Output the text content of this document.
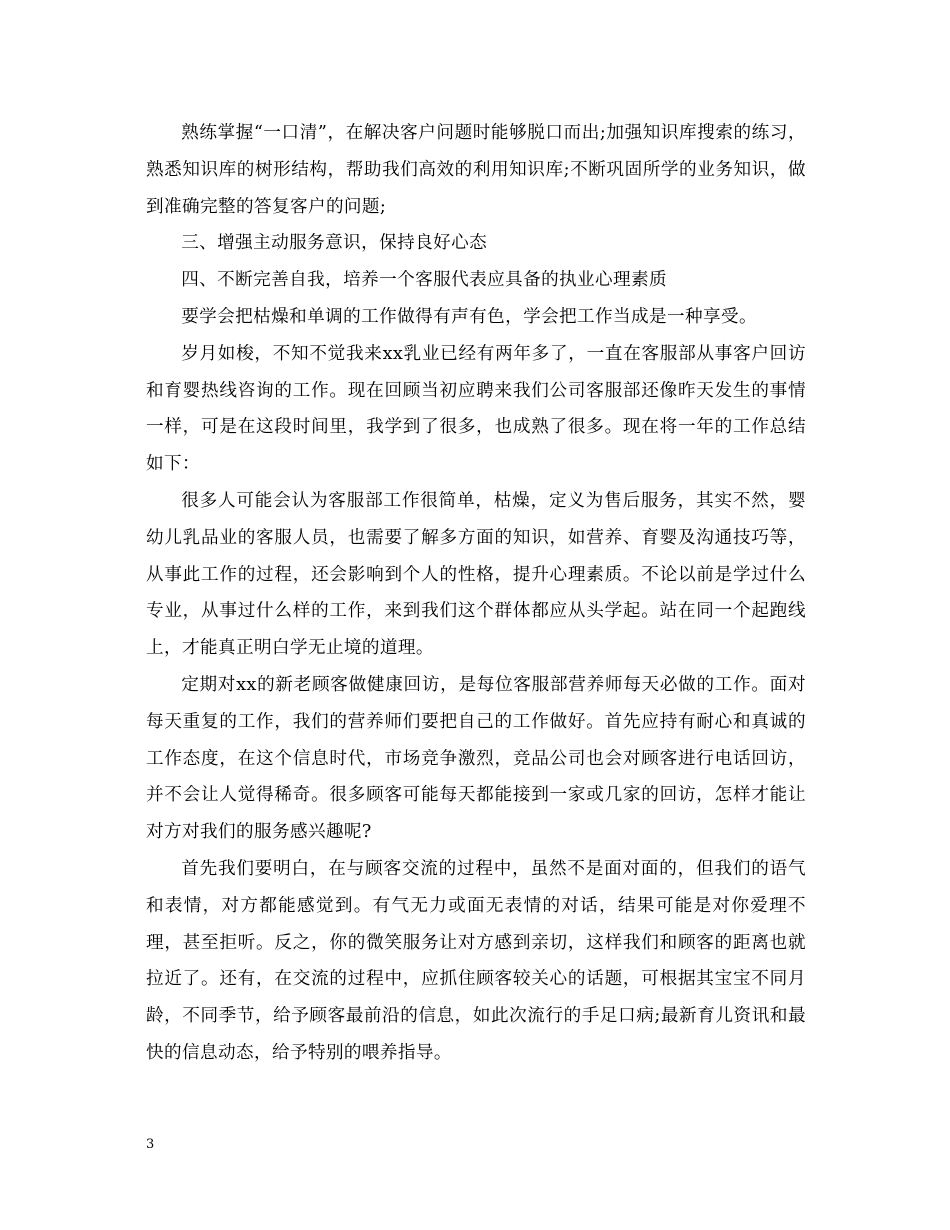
熟练掌握“一口清”，在解决客户问题时能够脱口而出;加强知识库搜索的练习，熟悉知识库的树形结构，帮助我们高效的利用知识库;不断巩固所学的业务知识，做到准确完整的答复客户的问题;

三、增强主动服务意识，保持良好心态

四、不断完善自我，培养一个客服代表应具备的执业心理素质

要学会把枯燥和单调的工作做得有声有色，学会把工作当成是一种享受。

岁月如梭，不知不觉我来xx乳业已经有两年多了，一直在客服部从事客户回访和育婴热线咨询的工作。现在回顾当初应聘来我们公司客服部还像昨天发生的事情一样，可是在这段时间里，我学到了很多，也成熟了很多。现在将一年的工作总结如下：

很多人可能会认为客服部工作很简单，枯燥，定义为售后服务，其实不然，婴幼儿乳品业的客服人员，也需要了解多方面的知识，如营养、育婴及沟通技巧等，从事此工作的过程，还会影响到个人的性格，提升心理素质。不论以前是学过什么专业，从事过什么样的工作，来到我们这个群体都应从头学起。站在同一个起跑线上，才能真正明白学无止境的道理。

定期对xx的新老顾客做健康回访，是每位客服部营养师每天必做的工作。面对每天重复的工作，我们的营养师们要把自己的工作做好。首先应持有耐心和真诚的工作态度，在这个信息时代，市场竞争激烈，竞品公司也会对顾客进行电话回访，并不会让人觉得稀奇。很多顾客可能每天都能接到一家或几家的回访，怎样才能让对方对我们的服务感兴趣呢?

首先我们要明白，在与顾客交流的过程中，虽然不是面对面的，但我们的语气和表情，对方都能感觉到。有气无力或面无表情的对话，结果可能是对你爱理不理，甚至拒听。反之，你的微笑服务让对方感到亲切，这样我们和顾客的距离也就拉近了。还有，在交流的过程中，应抓住顾客较关心的话题，可根据其宝宝不同月龄，不同季节，给予顾客最前沿的信息，如此次流行的手足口病;最新育儿资讯和最快的信息动态，给予特别的喂养指导。

3
